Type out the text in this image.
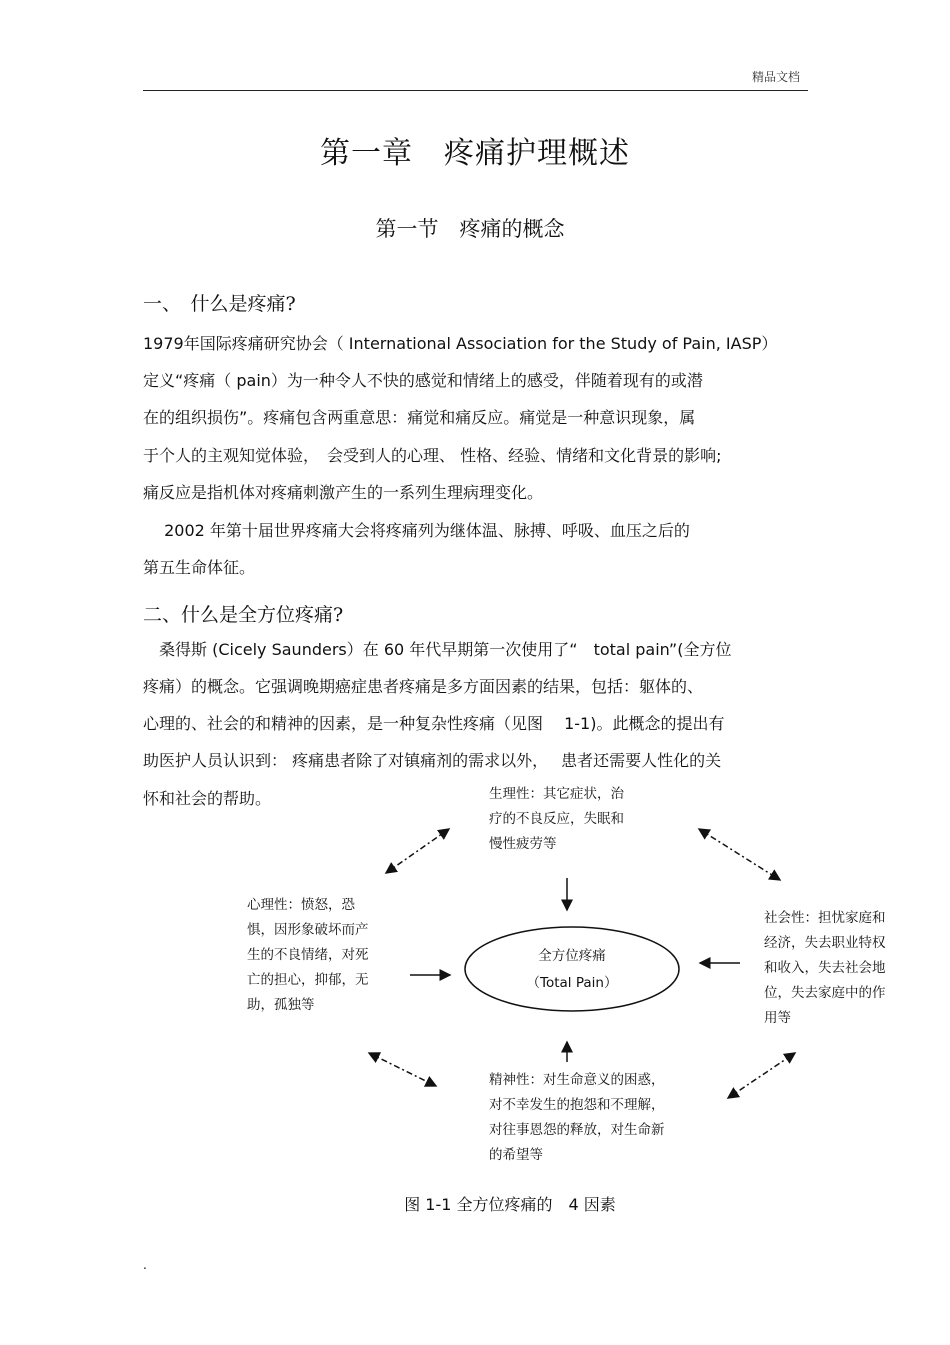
精品文档
第一章　疼痛护理概述
第一节　疼痛的概念
一、　什么是疼痛?
1979年国际疼痛研究协会（ International Association for the Study of Pain, IASP）
定义“疼痛（ pain）为一种令人不快的感觉和情绪上的感受，伴随着现有的或潜
在的组织损伤”。疼痛包含两重意思：痛觉和痛反应。痛觉是一种意识现象，属
于个人的主观知觉体验，　会受到人的心理、 性格、经验、情绪和文化背景的影响;
痛反应是指机体对疼痛刺激产生的一系列生理病理变化。
　 2002 年第十届世界疼痛大会将疼痛列为继体温、脉搏、呼吸、血压之后的
第五生命体征。
二、什么是全方位疼痛?
　桑得斯 (Cicely Saunders）在 60 年代早期第一次使用了“　total pain”(全方位
疼痛）的概念。它强调晚期癌症患者疼痛是多方面因素的结果，包括：躯体的、
心理的、社会的和精神的因素，是一种复杂性疼痛（见图　 1-1)。此概念的提出有
助医护人员认识到： 疼痛患者除了对镇痛剂的需求以外，　 患者还需要人性化的关
怀和社会的帮助。
全方位疼痛
（Total Pain）
生理性：其它症状，治疗的不良反应，失眠和慢性疲劳等
心理性：愤怒，恐惧，因形象破坏而产生的不良情绪，对死亡的担心，抑郁，无助，孤独等
社会性：担忧家庭和经济，失去职业特权和收入，失去社会地位，失去家庭中的作用等
精神性：对生命意义的困惑，对不幸发生的抱怨和不理解，对往事恩怨的释放，对生命新的希望等
图 1-1 全方位疼痛的　4 因素
.
